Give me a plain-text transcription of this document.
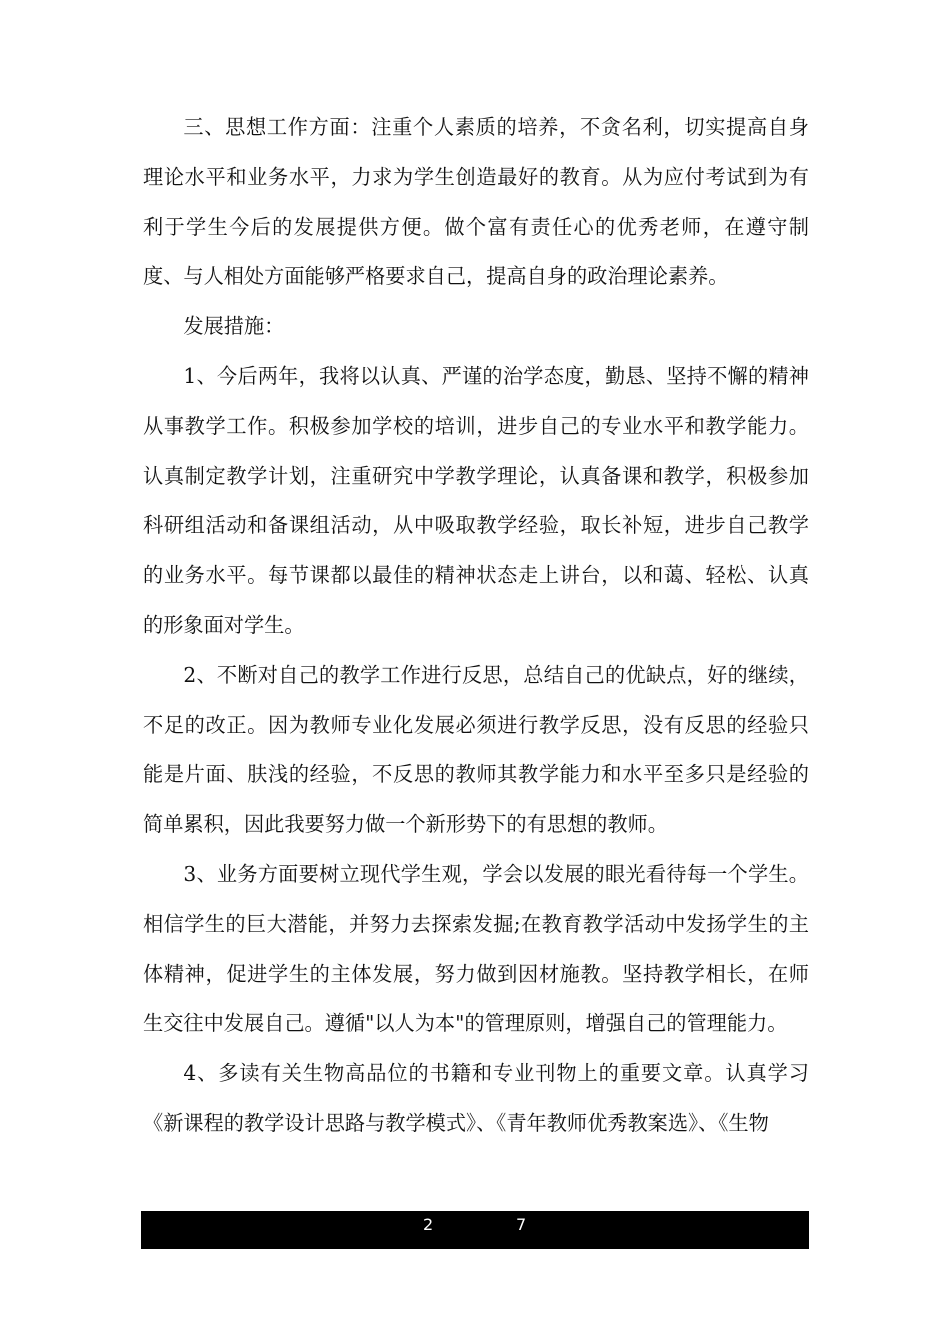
三、思想工作方面：注重个人素质的培养，不贪名利，切实提高自身理论水平和业务水平，力求为学生创造最好的教育。从为应付考试到为有利于学生今后的发展提供方便。做个富有责任心的优秀老师，在遵守制度、与人相处方面能够严格要求自己，提高自身的政治理论素养。

发展措施：

1、今后两年，我将以认真、严谨的治学态度，勤恳、坚持不懈的精神从事教学工作。积极参加学校的培训，进步自己的专业水平和教学能力。认真制定教学计划，注重研究中学教学理论，认真备课和教学，积极参加科研组活动和备课组活动，从中吸取教学经验，取长补短，进步自己教学的业务水平。每节课都以最佳的精神状态走上讲台，以和蔼、轻松、认真的形象面对学生。

2、不断对自己的教学工作进行反思，总结自己的优缺点，好的继续，不足的改正。因为教师专业化发展必须进行教学反思，没有反思的经验只能是片面、肤浅的经验，不反思的教师其教学能力和水平至多只是经验的简单累积，因此我要努力做一个新形势下的有思想的教师。

3、业务方面要树立现代学生观，学会以发展的眼光看待每一个学生。相信学生的巨大潜能，并努力去探索发掘;在教育教学活动中发扬学生的主体精神，促进学生的主体发展，努力做到因材施教。坚持教学相长，在师生交往中发展自己。遵循"以人为本"的管理原则，增强自己的管理能力。

4、多读有关生物高品位的书籍和专业刊物上的重要文章。认真学习《新课程的教学设计思路与教学模式》、《青年教师优秀教案选》、《生物

2	7
